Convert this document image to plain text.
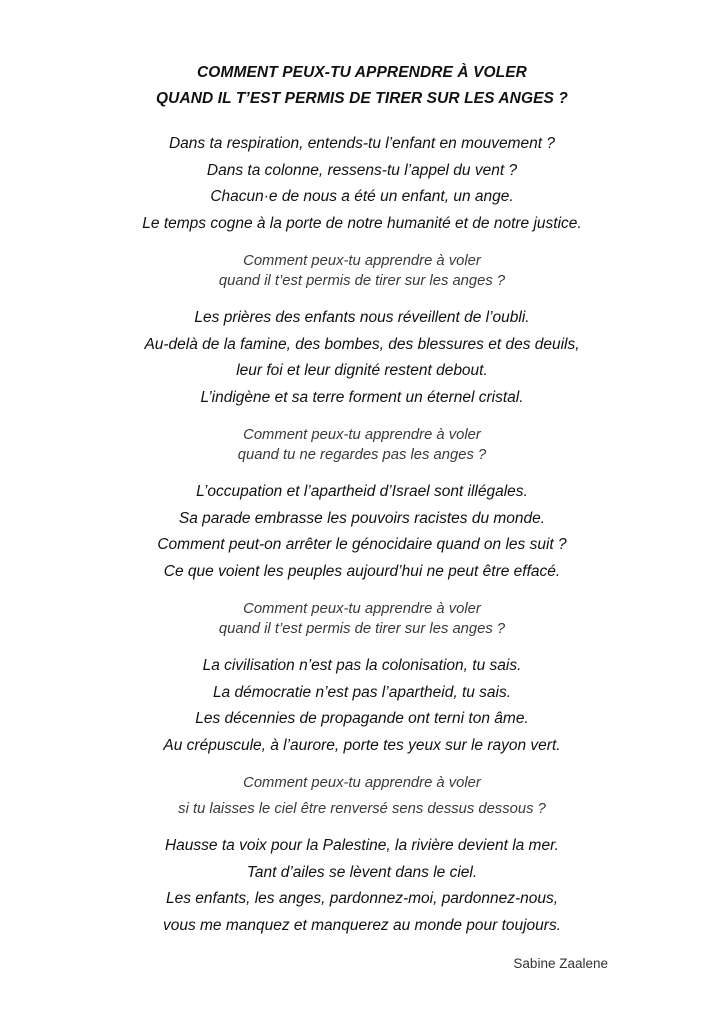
COMMENT PEUX-TU APPRENDRE À VOLER
QUAND IL T’EST PERMIS DE TIRER SUR LES ANGES ?
Dans ta respiration, entends-tu l’enfant en mouvement ?
Dans ta colonne, ressens-tu l’appel du vent ?
Chacun·e de nous a été un enfant, un ange.
Le temps cogne à la porte de notre humanité et de notre justice.
Comment peux-tu apprendre à voler
quand il t’est permis de tirer sur les anges ?
Les prières des enfants nous réveillent de l’oubli.
Au-delà de la famine, des bombes, des blessures et des deuils,
leur foi et leur dignité restent debout.
L’indigène et sa terre forment un éternel cristal.
Comment peux-tu apprendre à voler
quand tu ne regardes pas les anges ?
L’occupation et l’apartheid d’Israel sont illégales.
Sa parade embrasse les pouvoirs racistes du monde.
Comment peut-on arrêter le génocidaire quand on les suit ?
Ce que voient les peuples aujourd’hui ne peut être effacé.
Comment peux-tu apprendre à voler
quand il t’est permis de tirer sur les anges ?
La civilisation n’est pas la colonisation, tu sais.
La démocratie n’est pas l’apartheid, tu sais.
Les décennies de propagande ont terni ton âme.
Au crépuscule, à l’aurore, porte tes yeux sur le rayon vert.
Comment peux-tu apprendre à voler
si tu laisses le ciel être renversé sens dessus dessous ?
Hausse ta voix pour la Palestine, la rivière devient la mer.
Tant d’ailes se lèvent dans le ciel.
Les enfants, les anges, pardonnez-moi, pardonnez-nous,
vous me manquez et manquerez au monde pour toujours.
Sabine Zaalene
